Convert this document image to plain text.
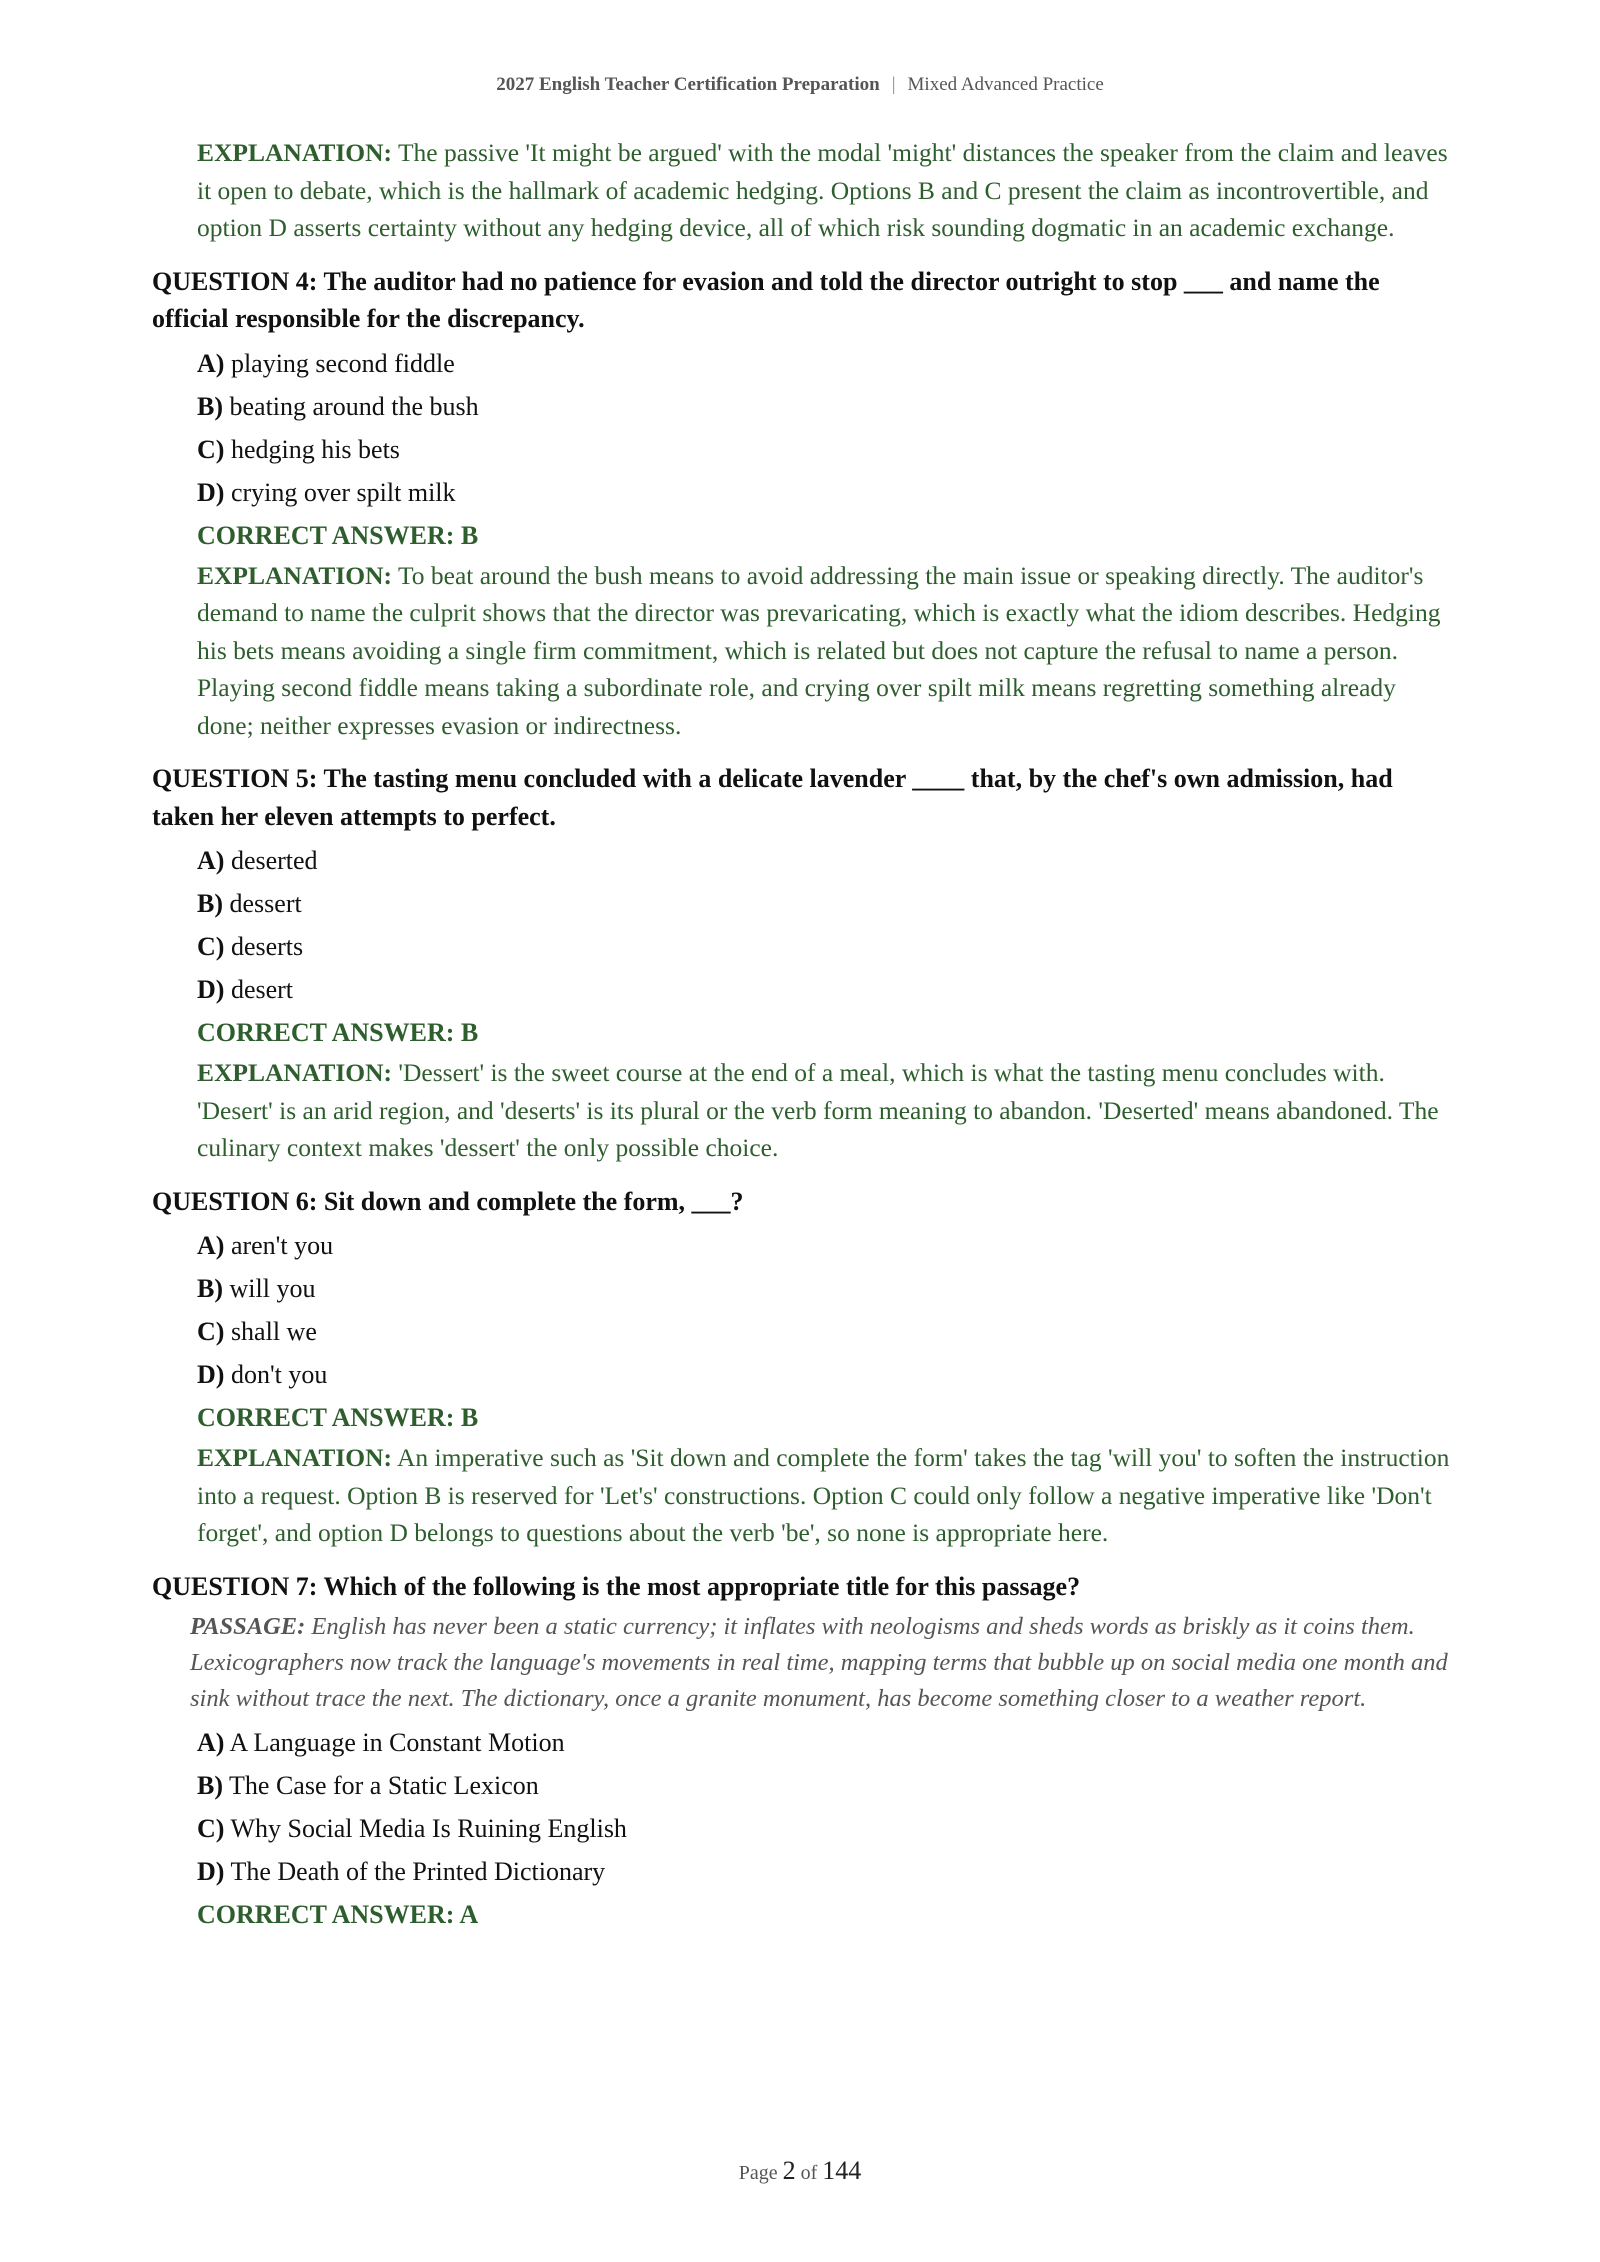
2027 English Teacher Certification Preparation | Mixed Advanced Practice

EXPLANATION: The passive 'It might be argued' with the modal 'might' distances the speaker from the claim and leaves it open to debate, which is the hallmark of academic hedging. Options B and C present the claim as incontrovertible, and option D asserts certainty without any hedging device, all of which risk sounding dogmatic in an academic exchange.

QUESTION 4: The auditor had no patience for evasion and told the director outright to stop ___ and name the official responsible for the discrepancy.

A) playing second fiddle
B) beating around the bush
C) hedging his bets
D) crying over spilt milk
CORRECT ANSWER: B

EXPLANATION: To beat around the bush means to avoid addressing the main issue or speaking directly. The auditor's demand to name the culprit shows that the director was prevaricating, which is exactly what the idiom describes. Hedging his bets means avoiding a single firm commitment, which is related but does not capture the refusal to name a person. Playing second fiddle means taking a subordinate role, and crying over spilt milk means regretting something already done; neither expresses evasion or indirectness.

QUESTION 5: The tasting menu concluded with a delicate lavender ____ that, by the chef's own admission, had taken her eleven attempts to perfect.

A) deserted
B) dessert
C) deserts
D) desert
CORRECT ANSWER: B

EXPLANATION: 'Dessert' is the sweet course at the end of a meal, which is what the tasting menu concludes with. 'Desert' is an arid region, and 'deserts' is its plural or the verb form meaning to abandon. 'Deserted' means abandoned. The culinary context makes 'dessert' the only possible choice.

QUESTION 6: Sit down and complete the form, ___?

A) aren't you
B) will you
C) shall we
D) don't you
CORRECT ANSWER: B

EXPLANATION: An imperative such as 'Sit down and complete the form' takes the tag 'will you' to soften the instruction into a request. Option B is reserved for 'Let's' constructions. Option C could only follow a negative imperative like 'Don't forget', and option D belongs to questions about the verb 'be', so none is appropriate here.

QUESTION 7: Which of the following is the most appropriate title for this passage?

PASSAGE: English has never been a static currency; it inflates with neologisms and sheds words as briskly as it coins them. Lexicographers now track the language's movements in real time, mapping terms that bubble up on social media one month and sink without trace the next. The dictionary, once a granite monument, has become something closer to a weather report.

A) A Language in Constant Motion
B) The Case for a Static Lexicon
C) Why Social Media Is Ruining English
D) The Death of the Printed Dictionary
CORRECT ANSWER: A
Page 2 of 144
